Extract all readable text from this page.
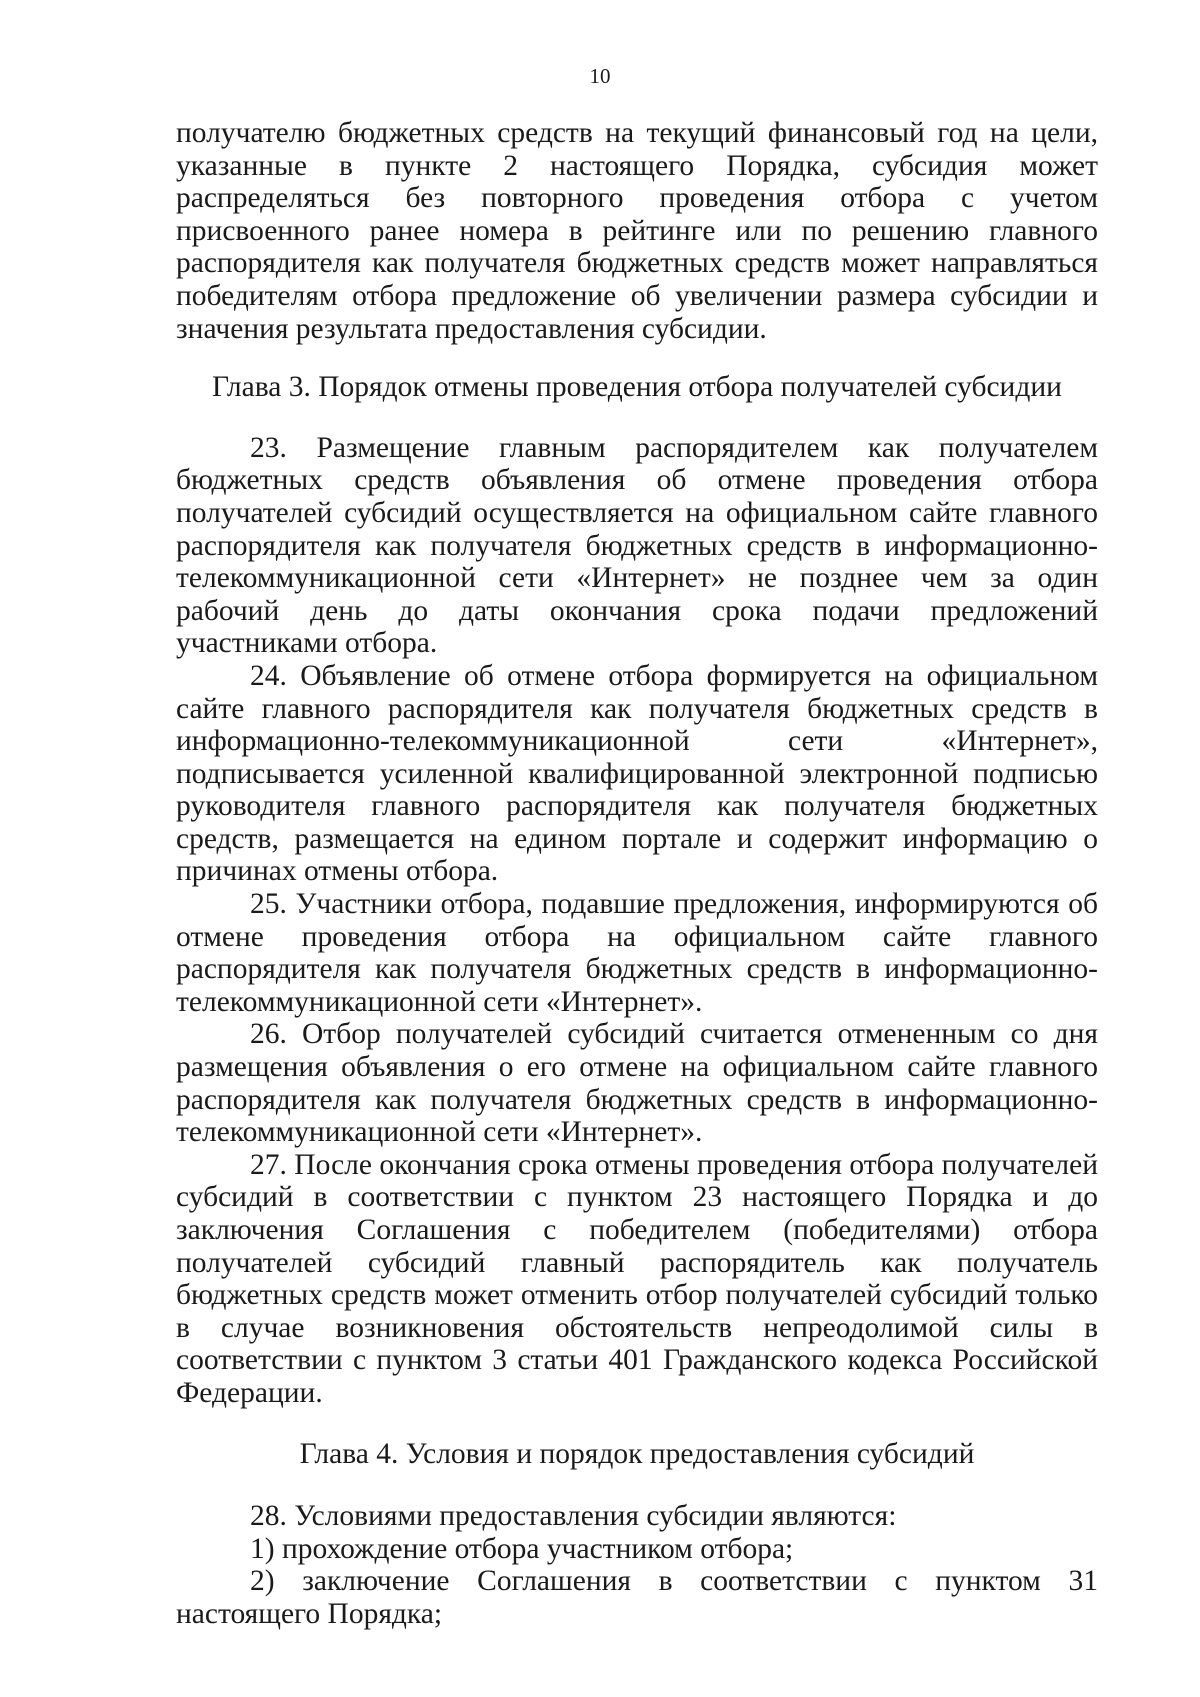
10

получателю бюджетных средств на текущий финансовый год на цели, указанные в пункте 2 настоящего Порядка, субсидия может распределяться без повторного проведения отбора с учетом присвоенного ранее номера в рейтинге или по решению главного распорядителя как получателя бюджетных средств может направляться победителям отбора предложение об увеличении размера субсидии и значения результата предоставления субсидии.

Глава 3. Порядок отмены проведения отбора получателей субсидии

23. Размещение главным распорядителем как получателем бюджетных средств объявления об отмене проведения отбора получателей субсидий осуществляется на официальном сайте главного распорядителя как получателя бюджетных средств в информационно-телекоммуникационной сети «Интернет» не позднее чем за один рабочий день до даты окончания срока подачи предложений участниками отбора.

24. Объявление об отмене отбора формируется на официальном сайте главного распорядителя как получателя бюджетных средств в информационно-телекоммуникационной сети «Интернет», подписывается усиленной квалифицированной электронной подписью руководителя главного распорядителя как получателя бюджетных средств, размещается на едином портале и содержит информацию о причинах отмены отбора.

25. Участники отбора, подавшие предложения, информируются об отмене проведения отбора на официальном сайте главного распорядителя как получателя бюджетных средств в информационно-телекоммуникационной сети «Интернет».

26. Отбор получателей субсидий считается отмененным со дня размещения объявления о его отмене на официальном сайте главного распорядителя как получателя бюджетных средств в информационно-телекоммуникационной сети «Интернет».

27. После окончания срока отмены проведения отбора получателей субсидий в соответствии с пунктом 23 настоящего Порядка и до заключения Соглашения с победителем (победителями) отбора получателей субсидий главный распорядитель как получатель бюджетных средств может отменить отбор получателей субсидий только в случае возникновения обстоятельств непреодолимой силы в соответствии с пунктом 3 статьи 401 Гражданского кодекса Российской Федерации.

Глава 4. Условия и порядок предоставления субсидий

28. Условиями предоставления субсидии являются:

1) прохождение отбора участником отбора;

2) заключение Соглашения в соответствии с пунктом 31 настоящего Порядка;
